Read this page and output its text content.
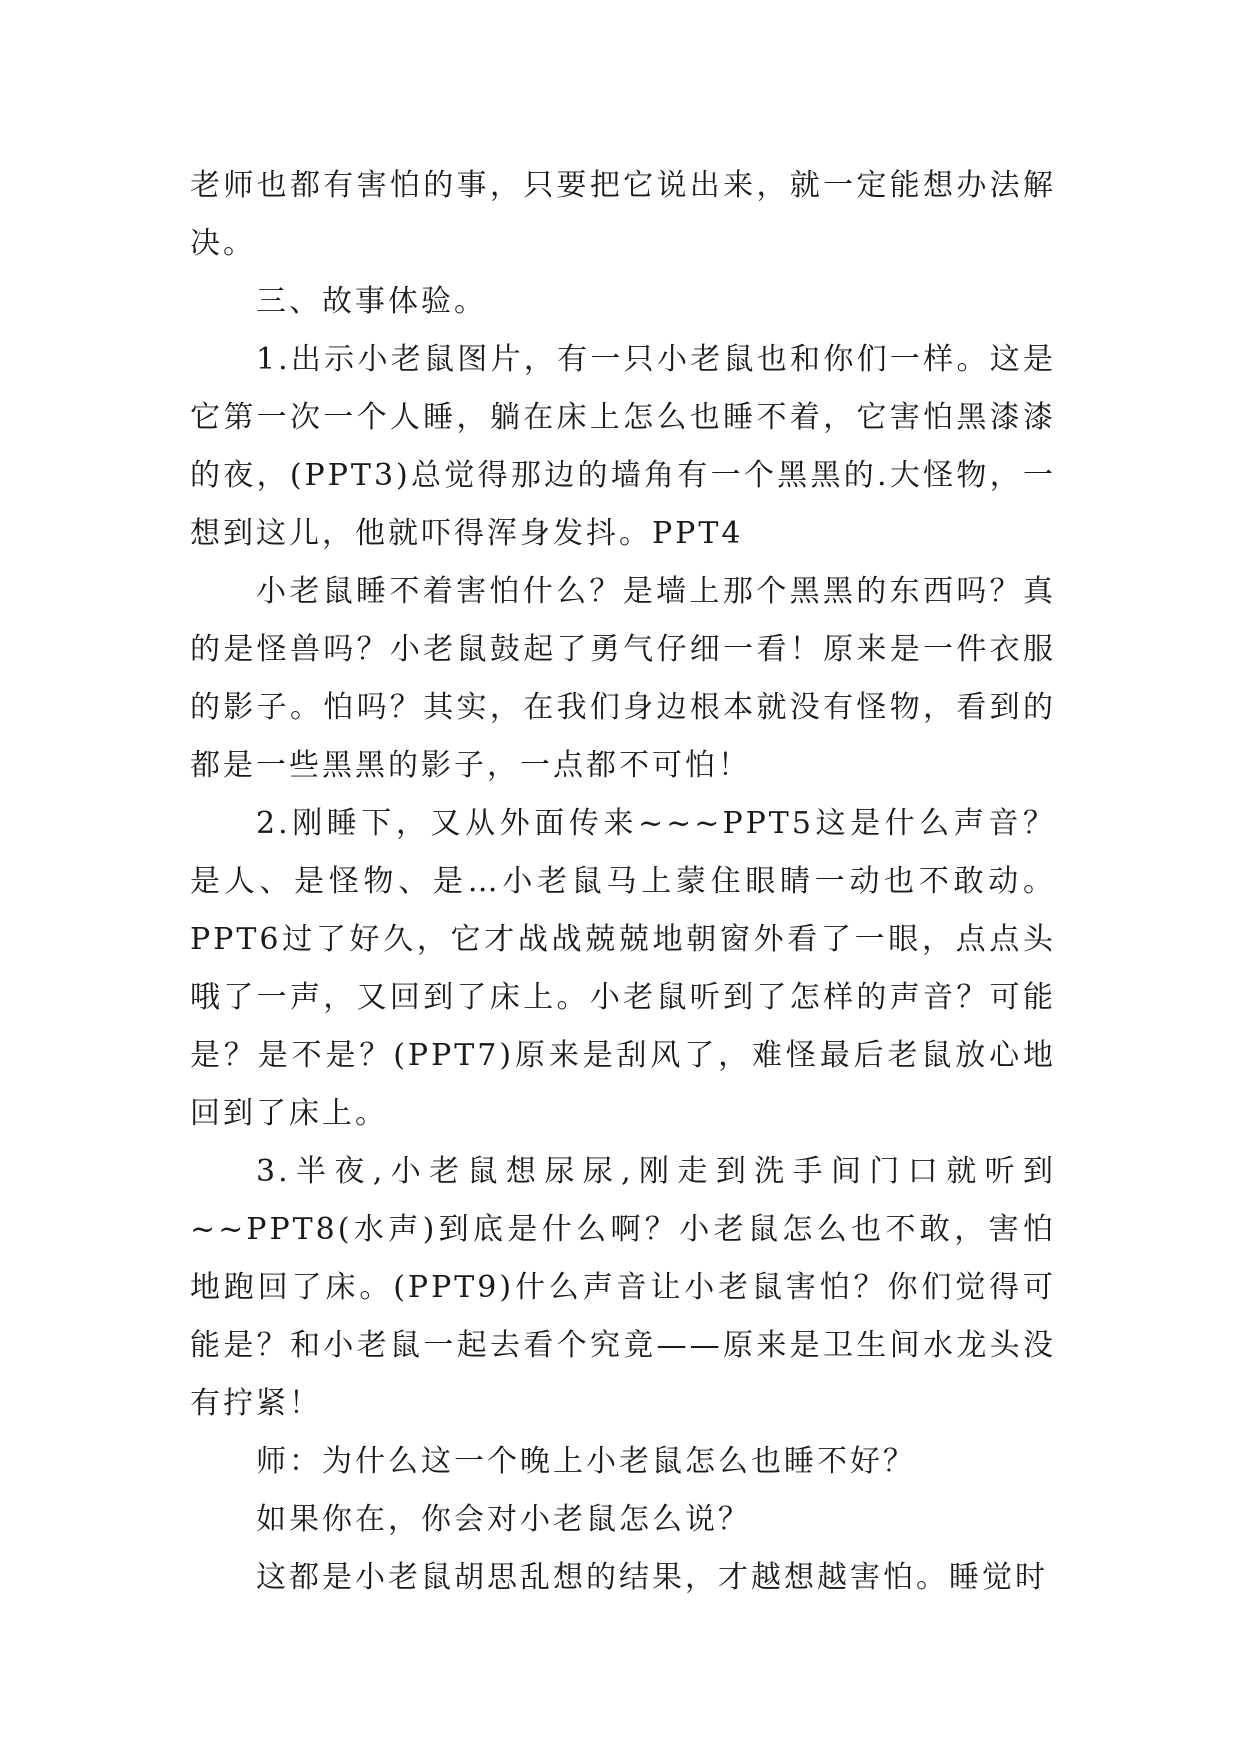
老师也都有害怕的事，只要把它说出来，就一定能想办法解决。

三、故事体验。

1.出示小老鼠图片，有一只小老鼠也和你们一样。这是它第一次一个人睡，躺在床上怎么也睡不着，它害怕黑漆漆的夜，(PPT3)总觉得那边的墙角有一个黑黑的.大怪物，一想到这儿，他就吓得浑身发抖。PPT4

小老鼠睡不着害怕什么？是墙上那个黑黑的东西吗？真的是怪兽吗？小老鼠鼓起了勇气仔细一看！原来是一件衣服的影子。怕吗？其实，在我们身边根本就没有怪物，看到的都是一些黑黑的影子，一点都不可怕！

2.刚睡下，又从外面传来~~~PPT5这是什么声音？是人、是怪物、是…小老鼠马上蒙住眼睛一动也不敢动。PPT6过了好久，它才战战兢兢地朝窗外看了一眼，点点头哦了一声，又回到了床上。小老鼠听到了怎样的声音？可能是？是不是？(PPT7)原来是刮风了，难怪最后老鼠放心地回到了床上。

3.半夜,小老鼠想尿尿,刚走到洗手间门口就听到~~PPT8(水声)到底是什么啊？小老鼠怎么也不敢，害怕地跑回了床。(PPT9)什么声音让小老鼠害怕？你们觉得可能是？和小老鼠一起去看个究竟——原来是卫生间水龙头没有拧紧！

师：为什么这一个晚上小老鼠怎么也睡不好？

如果你在，你会对小老鼠怎么说？

这都是小老鼠胡思乱想的结果，才越想越害怕。睡觉时
